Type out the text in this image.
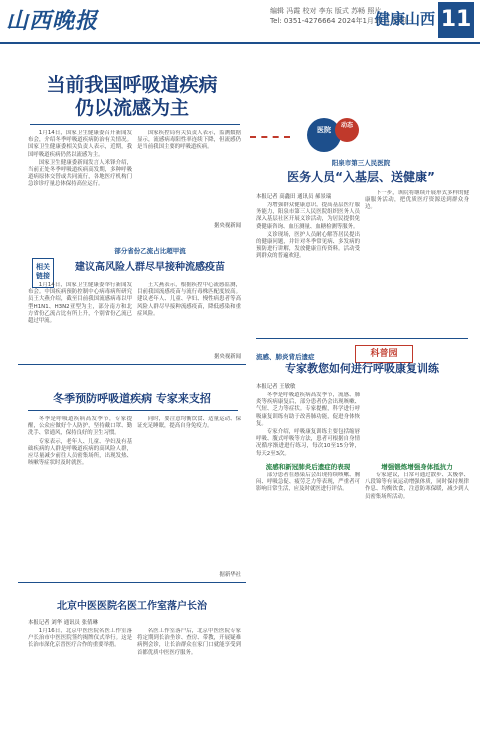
山西晚报	编辑 冯霞 校对 李东 版式 苏畅 照片
Tel: 0351-4276664 2024年1月15日 星期一
健康山西 11
当前我国呼吸道疾病
仍以流感为主

1月14日，国家卫生健康委召开新闻发布会，介绍冬季呼吸道疾病防治有关情况。国家卫生健康委相关负责人表示，近期，我国呼吸道疾病仍然以流感为主。

国家卫生健康委新闻发言人米锋介绍，当前正处冬季呼吸道疾病高发期，多种呼吸道病原体交替或共同流行，各地医疗机构门急诊诊疗量总体保持高位运行。

国家疾控局有关负责人表示，监测数据显示，流感病毒阳性率连续下降，但流感仍是当前我国主要的呼吸道疾病。

据央视新闻
相关链接
部分省份乙流占比超甲流
建议高风险人群尽早接种流感疫苗

1月14日，国家卫生健康委举行新闻发布会。中国疾病预防控制中心病毒病所研究员王大燕介绍，截至目前我国流感病毒以甲型H1N1、H3N2亚型为主，部分南方和北方省份乙流占比有所上升，个别省份乙流已超过甲流。

王大燕表示，根据疾控中心流感监测，目前我国流感疫苗与流行毒株匹配度较高。建议老年人、儿童、孕妇、慢性病患者等高风险人群尽早接种流感疫苗，降低感染和重症风险。

据央视新闻
医院
动态
阳泉市第三人民医院
医务人员“入基层、送健康”
本报记者 高鑫田 通讯员 郝景瑞

为增强群众健康意识，提高基层医疗服务能力，阳泉市第三人民医院组织医务人员深入基层社区开展义诊活动，为居民提供免费健康咨询、血压测量、血糖检测等服务。

义诊现场，医护人员耐心解答居民提出的健康问题，并针对冬季常见病、多发病的预防进行讲解，发放健康宣传资料。活动受到群众的普遍欢迎。

下一步，该院将继续开展形式多样的健康服务活动，把优质医疗资源送到群众身边。

科普园
流感、肺炎背后遗症
专家教您如何进行呼吸康复训练
本报记者 王敏敏

冬季是呼吸道疾病高发季节，流感、肺炎等疾病康复后，部分患者仍会出现咳嗽、气短、乏力等症状。专家提醒，科学进行呼吸康复训练有助于改善肺功能，促进身体恢复。

专家介绍，呼吸康复训练主要包括缩唇呼吸、腹式呼吸等方法，患者可根据自身情况循序渐进进行练习，每次10至15分钟，每天2至3次。

流感和新冠肺炎后遗症的表现

部分患者在感染后会出现持续咳嗽、胸闷、呼吸急促、疲劳乏力等表现，严重者可影响日常生活，应及时就医进行评估。

增强锻炼增强身体抵抗力

专家建议，日常可通过散步、太极拳、八段锦等有氧运动增强体质，同时保持规律作息、均衡饮食，注意防寒保暖，减少到人员密集场所活动。

冬季预防呼吸道疾病 专家来支招

冬季是呼吸道疾病高发季节，专家提醒，公众应做好个人防护，坚持戴口罩、勤洗手、常通风，保持良好的卫生习惯。

专家表示，老年人、儿童、孕妇及有基础疾病的人群是呼吸道疾病的高风险人群，应尽量减少前往人员密集场所，出现发热、咳嗽等症状时及时就医。

同时，要注意均衡饮食、适量运动、保证充足睡眠，提高自身免疫力。

据新华社
北京中医医院名医工作室落户长治
本报记者 刘华 通讯员 张倩琳

1月16日，北京中医医院名医工作室落户长治市中医医院签约揭牌仪式举行。这是长治市深化京晋医疗合作的重要举措。

名医工作室落户后，北京中医医院专家将定期到长治坐诊、查房、带教，开展疑难病例会诊，让长治群众在家门口就能享受到首都优质中医医疗服务。
